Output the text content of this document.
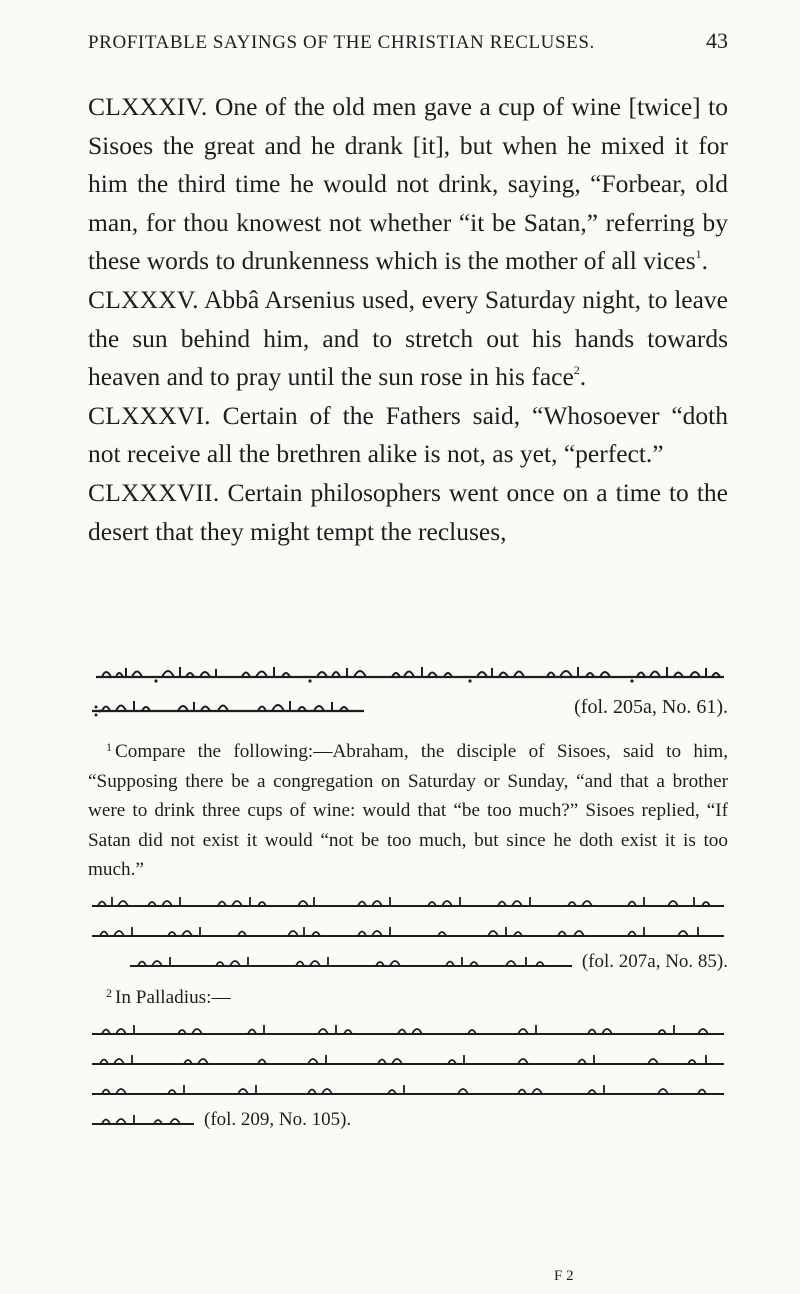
PROFITABLE SAYINGS OF THE CHRISTIAN RECLUSES.	43

CLXXXIV. One of the old men gave a cup of wine [twice] to Sisoes the great and he drank [it], but when he mixed it for him the third time he would not drink, saying, “Forbear, old man, for thou knowest not whether “it be Satan,” referring by these words to drunkenness which is the mother of all vices$^1$.

CLXXXV. Abbâ Arsenius used, every Saturday night, to leave the sun behind him, and to stretch out his hands towards heaven and to pray until the sun rose in his face$^2$.

CLXXXVI. Certain of the Fathers said, “Whosoever “doth not receive all the brethren alike is not, as yet, “perfect.”

CLXXXVII. Certain philosophers went once on a time to the desert that they might tempt the recluses,

(fol. 205a, No. 61).

$^1$ Compare the following:—Abraham, the disciple of Sisoes, said to him, “Supposing there be a congregation on Saturday or Sunday, “and that a brother were to drink three cups of wine: would that “be too much?” Sisoes replied, “If Satan did not exist it would “not be too much, but since he doth exist it is too much.”

(fol. 207a, No. 85).

$^2$ In Palladius:—

(fol. 209, No. 105).
F 2
